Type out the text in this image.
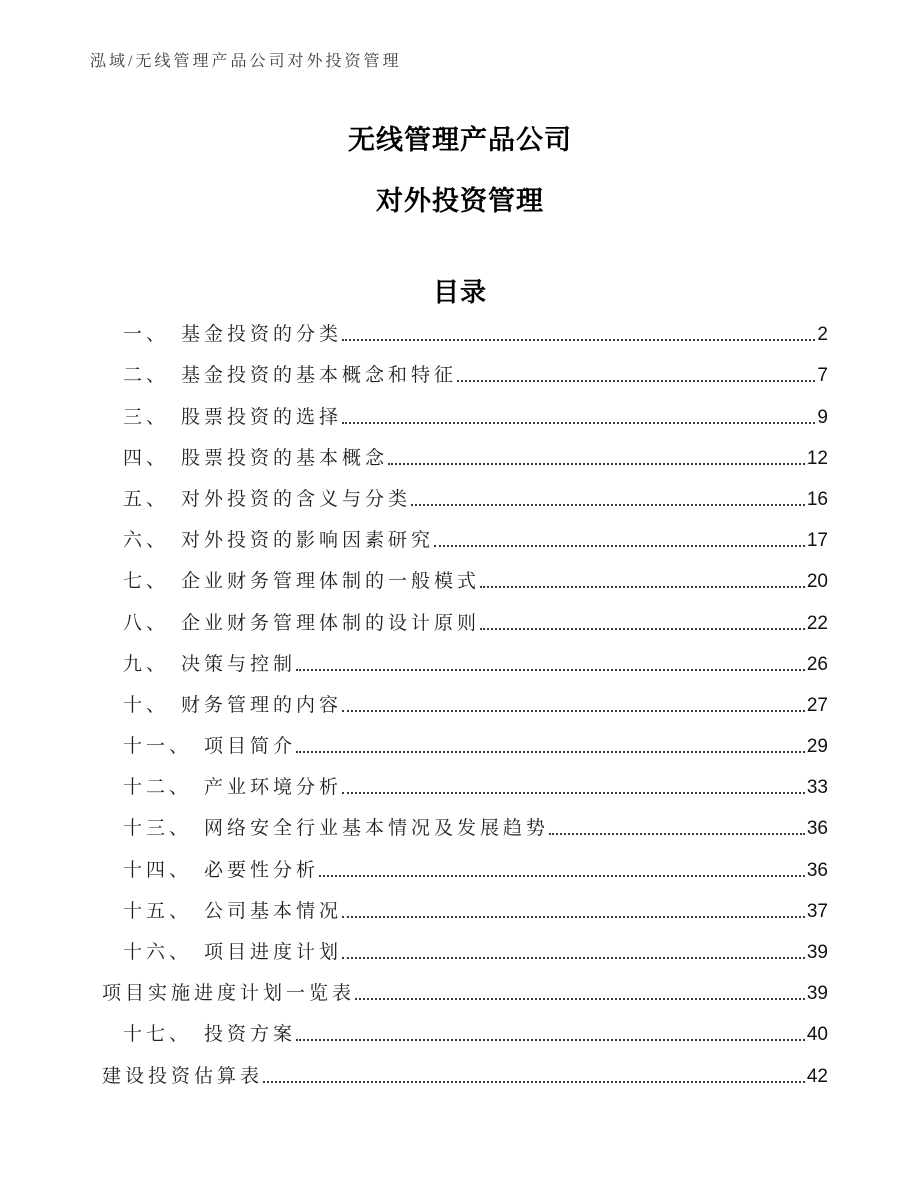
泓域/无线管理产品公司对外投资管理
无线管理产品公司
对外投资管理
目录
一、 基金投资的分类	2
二、 基金投资的基本概念和特征	7
三、 股票投资的选择	9
四、 股票投资的基本概念	12
五、 对外投资的含义与分类	16
六、 对外投资的影响因素研究	17
七、 企业财务管理体制的一般模式	20
八、 企业财务管理体制的设计原则	22
九、 决策与控制	26
十、 财务管理的内容	27
十一、 项目简介	29
十二、 产业环境分析	33
十三、 网络安全行业基本情况及发展趋势	36
十四、 必要性分析	36
十五、 公司基本情况	37
十六、 项目进度计划	39
项目实施进度计划一览表	39
十七、 投资方案	40
建设投资估算表	42
